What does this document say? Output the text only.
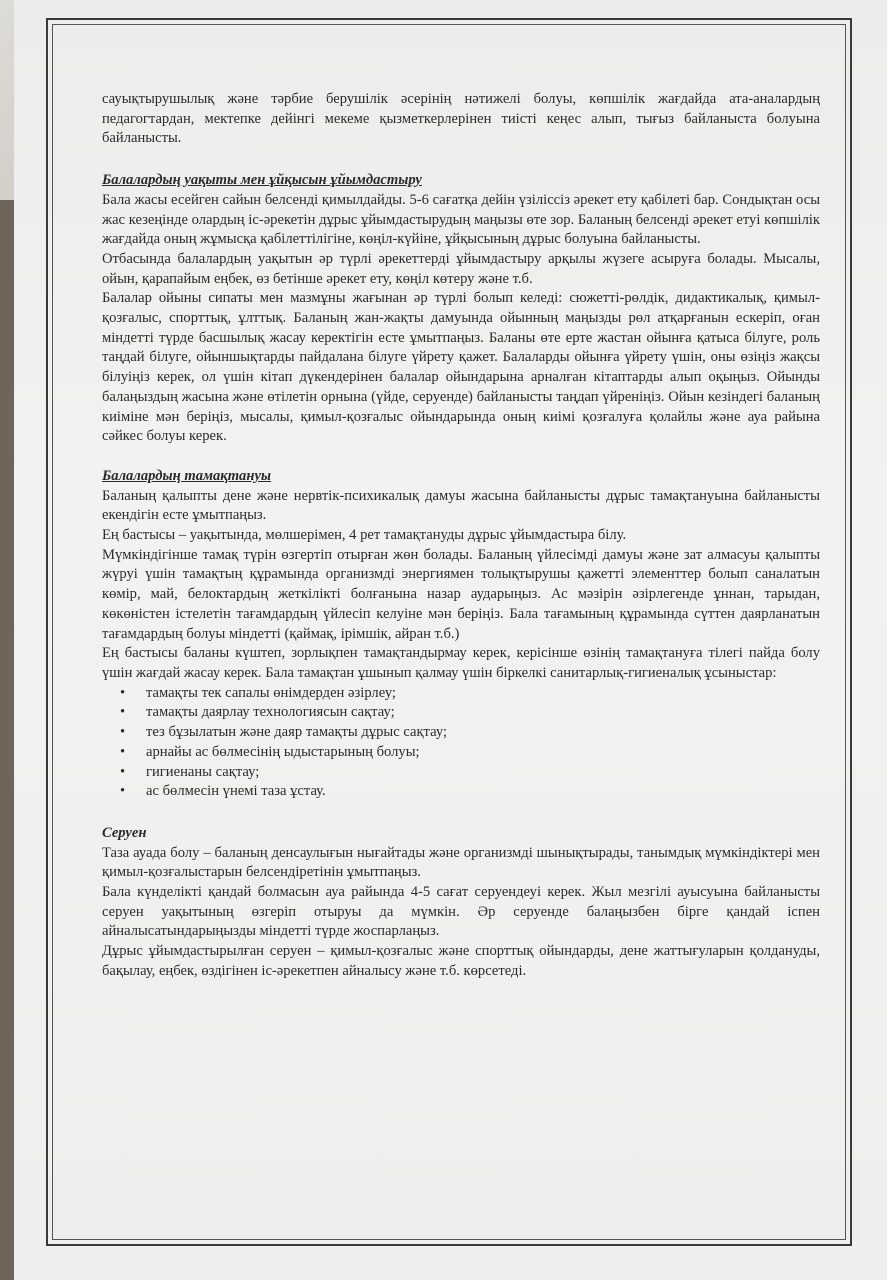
сауықтырушылық және тәрбие берушілік әсерінің нәтижелі болуы, көпшілік жағдайда ата-аналардың педагогтардан, мектепке дейінгі мекеме қызметкерлерінен тиісті кеңес алып, тығыз байланыста болуына байланысты.

Балалардың уақыты мен ұйқысын ұйымдастыру

Бала жасы есейген сайын белсенді қимылдайды. 5-6 сағатқа дейін үзіліссіз әрекет ету қабілеті бар. Сондықтан осы жас кезеңінде олардың іс-әрекетін дұрыс ұйымдастырудың маңызы өте зор. Баланың белсенді әрекет етуі көпшілік жағдайда оның жұмысқа қабілеттілігіне, көңіл-күйіне, ұйқысының дұрыс болуына байланысты.

Отбасында балалардың уақытын әр түрлі әрекеттерді ұйымдастыру арқылы жүзеге асыруға болады. Мысалы, ойын, қарапайым еңбек, өз бетінше әрекет ету, көңіл көтеру және т.б.

Балалар ойыны сипаты мен мазмұны жағынан әр түрлі болып келеді: сюжетті-рөлдік, дидактикалық, қимыл-қозғалыс, спорттық, ұлттық. Баланың жан-жақты дамуында ойынның маңызды рөл атқарғанын ескеріп, оған міндетті түрде басшылық жасау керектігін есте ұмытпаңыз. Баланы өте ерте жастан ойынға қатыса білуге, роль таңдай білуге, ойыншықтарды пайдалана білуге үйрету қажет. Балаларды ойынға үйрету үшін, оны өзіңіз жақсы білуіңіз керек, ол үшін кітап дүкендерінен балалар ойындарына арналған кітаптарды алып оқыңыз. Ойынды балаңыздың жасына және өтілетін орнына (үйде, серуенде) байланысты таңдап үйреніңіз. Ойын кезіндегі баланың киіміне мән беріңіз, мысалы, қимыл-қозғалыс ойындарында оның киімі қозғалуға қолайлы және ауа райына сәйкес болуы керек.

Балалардың тамақтануы

Баланың қалыпты дене және нервтік-психикалық дамуы жасына байланысты дұрыс тамақтануына байланысты екендігін есте ұмытпаңыз.

Ең бастысы – уақытында, мөлшерімен, 4 рет тамақтануды дұрыс ұйымдастыра білу.

Мүмкіндігінше тамақ түрін өзгертіп отырған жөн болады. Баланың үйлесімді дамуы және зат алмасуы қалыпты жүруі үшін тамақтың құрамында организмді энергиямен толықтырушы қажетті элементтер болып саналатын көмір, май, белоктардың жеткілікті болғанына назар аударыңыз. Ас мәзірін әзірлегенде ұннан, тарыдан, көкөністен істелетін тағамдардың үйлесіп келуіне мән беріңіз. Бала тағамының құрамында сүттен даярланатын тағамдардың болуы міндетті (қаймақ, ірімшік, айран т.б.)

Ең бастысы баланы күштеп, зорлықпен тамақтандырмау керек, керісінше өзінің тамақтануға тілегі пайда болу үшін жағдай жасау керек. Бала тамақтан ұшынып қалмау үшін біркелкі санитарлық-гигиеналық ұсыныстар:

• тамақты тек сапалы өнімдерден әзірлеу;
• тамақты даярлау технологиясын сақтау;
• тез бұзылатын және даяр тамақты дұрыс сақтау;
• арнайы ас бөлмесінің ыдыстарының болуы;
• гигиенаны сақтау;
• ас бөлмесін үнемі таза ұстау.

Серуен

Таза ауада болу – баланың денсаулығын нығайтады және организмді шынықтырады, танымдық мүмкіндіктері мен қимыл-қозғалыстарын белсендіретінін ұмытпаңыз.

Бала күнделікті қандай болмасын ауа райында 4-5 сағат серуендеуі керек. Жыл мезгілі ауысуына байланысты серуен уақытының өзгеріп отыруы да мүмкін. Әр серуенде балаңызбен бірге қандай іспен айналысатындарыңызды міндетті түрде жоспарлаңыз.

Дұрыс ұйымдастырылған серуен – қимыл-қозғалыс және спорттық ойындарды, дене жаттығуларын қолдануды, бақылау, еңбек, өздігінен іс-әрекетпен айналысу және т.б. көрсетеді.
